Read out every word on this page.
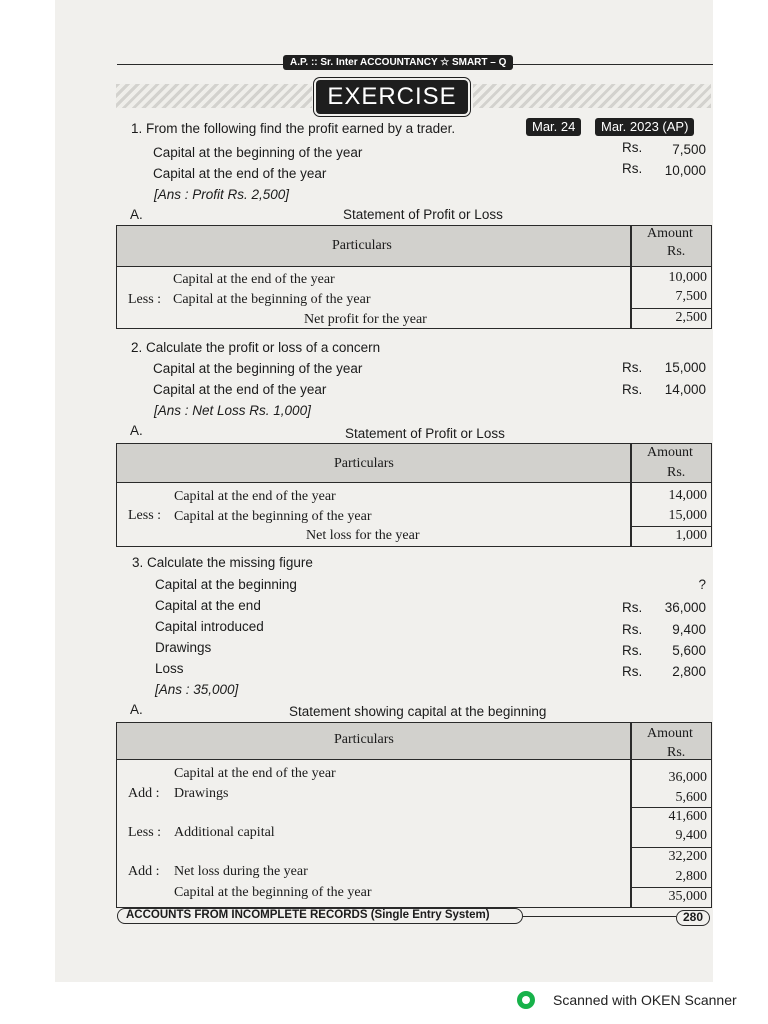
A.P. :: Sr. Inter ACCOUNTANCY ☆ SMART – Q
EXERCISE
1. From the following find the profit earned by a trader.	Mar. 24	Mar. 2023 (AP)
Capital at the beginning of the year	Rs.	7,500
Capital at the end of the year	Rs.	10,000
[Ans : Profit Rs. 2,500]
A.	Statement of Profit or Loss
Particulars
Amount
Rs.
Capital at the end of the year	10,000
Less : Capital at the beginning of the year	7,500
Net profit for the year	2,500
2. Calculate the profit or loss of a concern
Capital at the beginning of the year	Rs.	15,000
Capital at the end of the year	Rs.	14,000
[Ans : Net Loss Rs. 1,000]
A.	Statement of Profit or Loss
Particulars
Amount
Rs.
Capital at the end of the year	14,000
Less : Capital at the beginning of the year	15,000
Net loss for the year	1,000
3. Calculate the missing figure
Capital at the beginning	?
Capital at the end	Rs.	36,000
Capital introduced	Rs.	9,400
Drawings	Rs.	5,600
Loss	Rs.	2,800
[Ans : 35,000]
A.	Statement showing capital at the beginning
Particulars	Amount
Rs.
Capital at the end of the year	36,000
Add : Drawings	5,600
41,600
Less : Additional capital	9,400
32,200
Add : Net loss during the year	2,800
Capital at the beginning of the year	35,000
ACCOUNTS FROM INCOMPLETE RECORDS (Single Entry System)	280
Scanned with OKEN Scanner
